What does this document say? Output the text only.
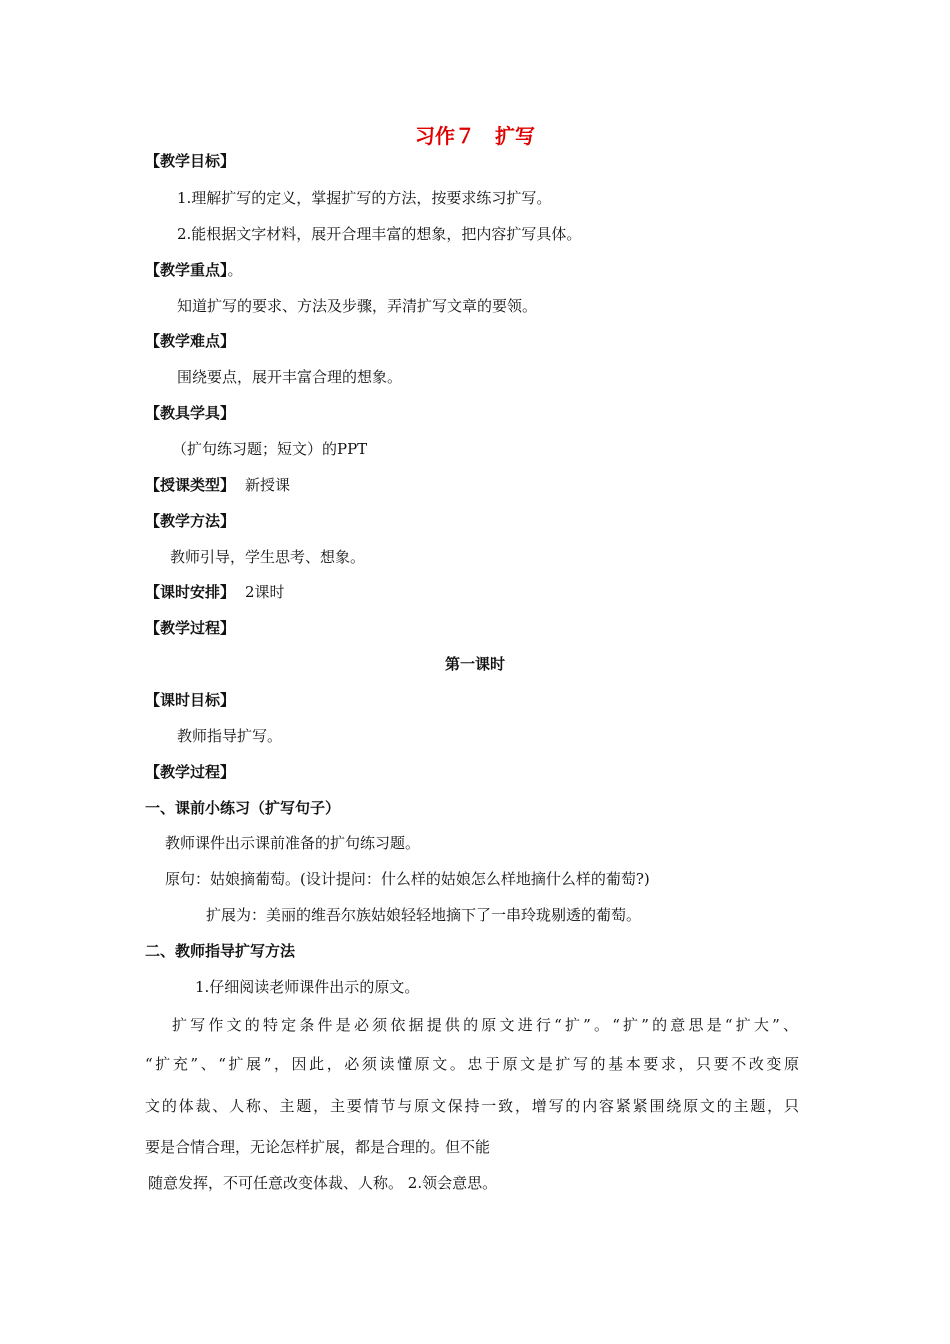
习作７　扩写
【教学目标】
1.理解扩写的定义，掌握扩写的方法，按要求练习扩写。
2.能根据文字材料，展开合理丰富的想象，把内容扩写具体。
【教学重点】。
知道扩写的要求、方法及步骤，弄清扩写文章的要领。
【教学难点】
围绕要点，展开丰富合理的想象。
【教具学具】
（扩句练习题；短文）的PPT
【授课类型】 新授课
【教学方法】
教师引导，学生思考、想象。
【课时安排】 2课时
【教学过程】
第一课时
【课时目标】
教师指导扩写。
【教学过程】
一、课前小练习（扩写句子）
教师课件出示课前准备的扩句练习题。
原句：姑娘摘葡萄。(设计提问：什么样的姑娘怎么样地摘什么样的葡萄?)
扩展为：美丽的维吾尔族姑娘轻轻地摘下了一串玲珑剔透的葡萄。
二、教师指导扩写方法
1.仔细阅读老师课件出示的原文。
扩写作文的特定条件是必须依据提供的原文进行“扩”。“扩”的意思是“扩大”、
“扩充”、“扩展”，因此，必须读懂原文。忠于原文是扩写的基本要求，只要不改变原
文的体裁、人称、主题，主要情节与原文保持一致，增写的内容紧紧围绕原文的主题，只
要是合情合理，无论怎样扩展，都是合理的。但不能
随意发挥，不可任意改变体裁、人称。 2.领会意思。
